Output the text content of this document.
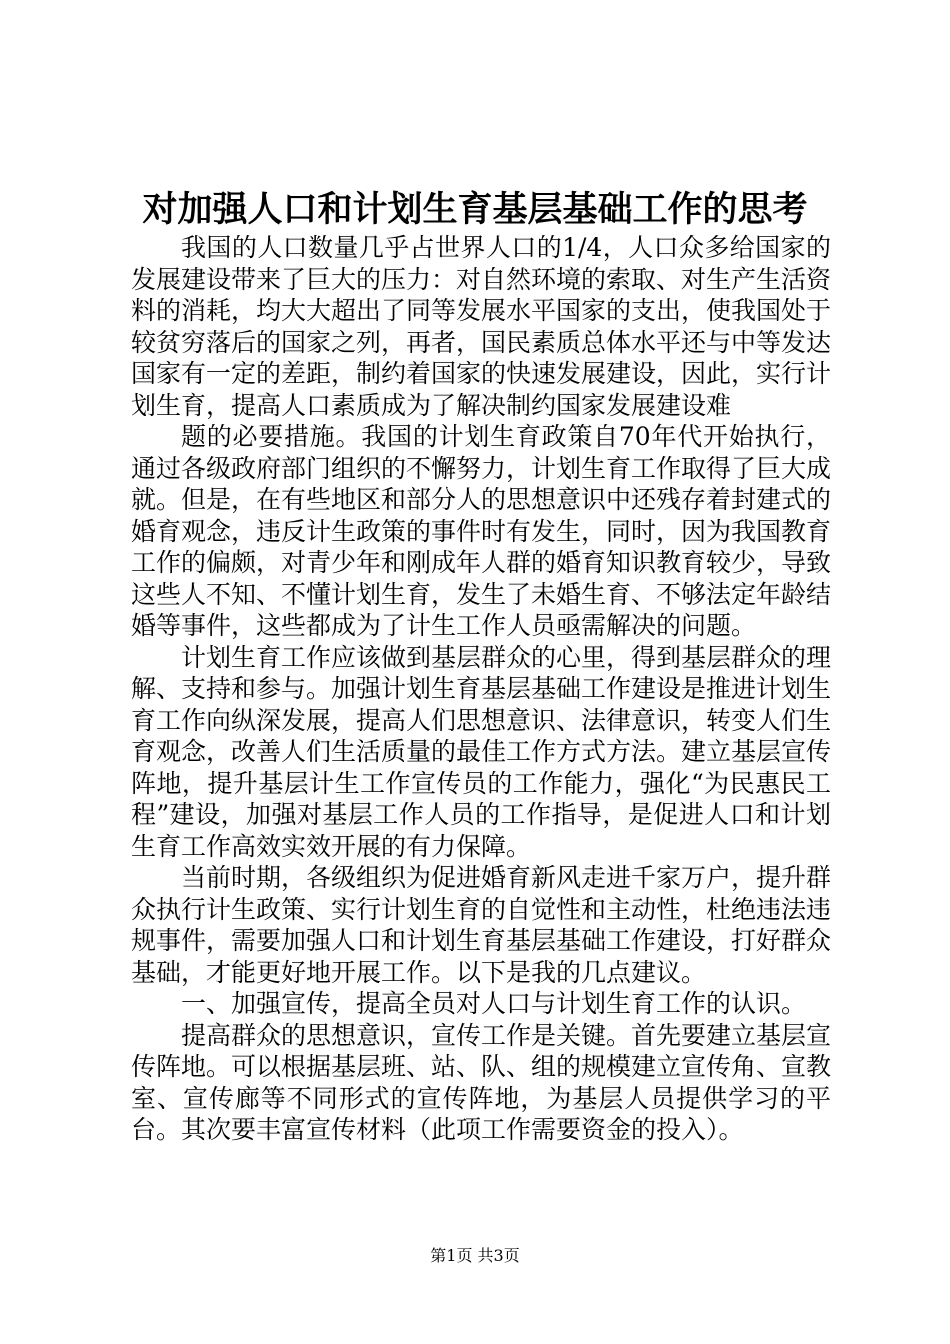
对加强人口和计划生育基层基础工作的思考

我国的人口数量几乎占世界人口的1/4，人口众多给国家的发展建设带来了巨大的压力：对自然环境的索取、对生产生活资料的消耗，均大大超出了同等发展水平国家的支出，使我国处于较贫穷落后的国家之列，再者，国民素质总体水平还与中等发达国家有一定的差距，制约着国家的快速发展建设，因此，实行计划生育，提高人口素质成为了解决制约国家发展建设难

题的必要措施。我国的计划生育政策自70年代开始执行，通过各级政府部门组织的不懈努力，计划生育工作取得了巨大成就。但是，在有些地区和部分人的思想意识中还残存着封建式的婚育观念，违反计生政策的事件时有发生，同时，因为我国教育工作的偏颇，对青少年和刚成年人群的婚育知识教育较少，导致这些人不知、不懂计划生育，发生了未婚生育、不够法定年龄结婚等事件，这些都成为了计生工作人员亟需解决的问题。

计划生育工作应该做到基层群众的心里，得到基层群众的理解、支持和参与。加强计划生育基层基础工作建设是推进计划生育工作向纵深发展，提高人们思想意识、法律意识，转变人们生育观念，改善人们生活质量的最佳工作方式方法。建立基层宣传阵地，提升基层计生工作宣传员的工作能力，强化“为民惠民工程”建设，加强对基层工作人员的工作指导，是促进人口和计划生育工作高效实效开展的有力保障。

当前时期，各级组织为促进婚育新风走进千家万户，提升群众执行计生政策、实行计划生育的自觉性和主动性，杜绝违法违规事件，需要加强人口和计划生育基层基础工作建设，打好群众基础，才能更好地开展工作。以下是我的几点建议。

一、加强宣传，提高全员对人口与计划生育工作的认识。

提高群众的思想意识，宣传工作是关键。首先要建立基层宣传阵地。可以根据基层班、站、队、组的规模建立宣传角、宣教室、宣传廊等不同形式的宣传阵地，为基层人员提供学习的平台。其次要丰富宣传材料（此项工作需要资金的投入）。

第1页 共3页
